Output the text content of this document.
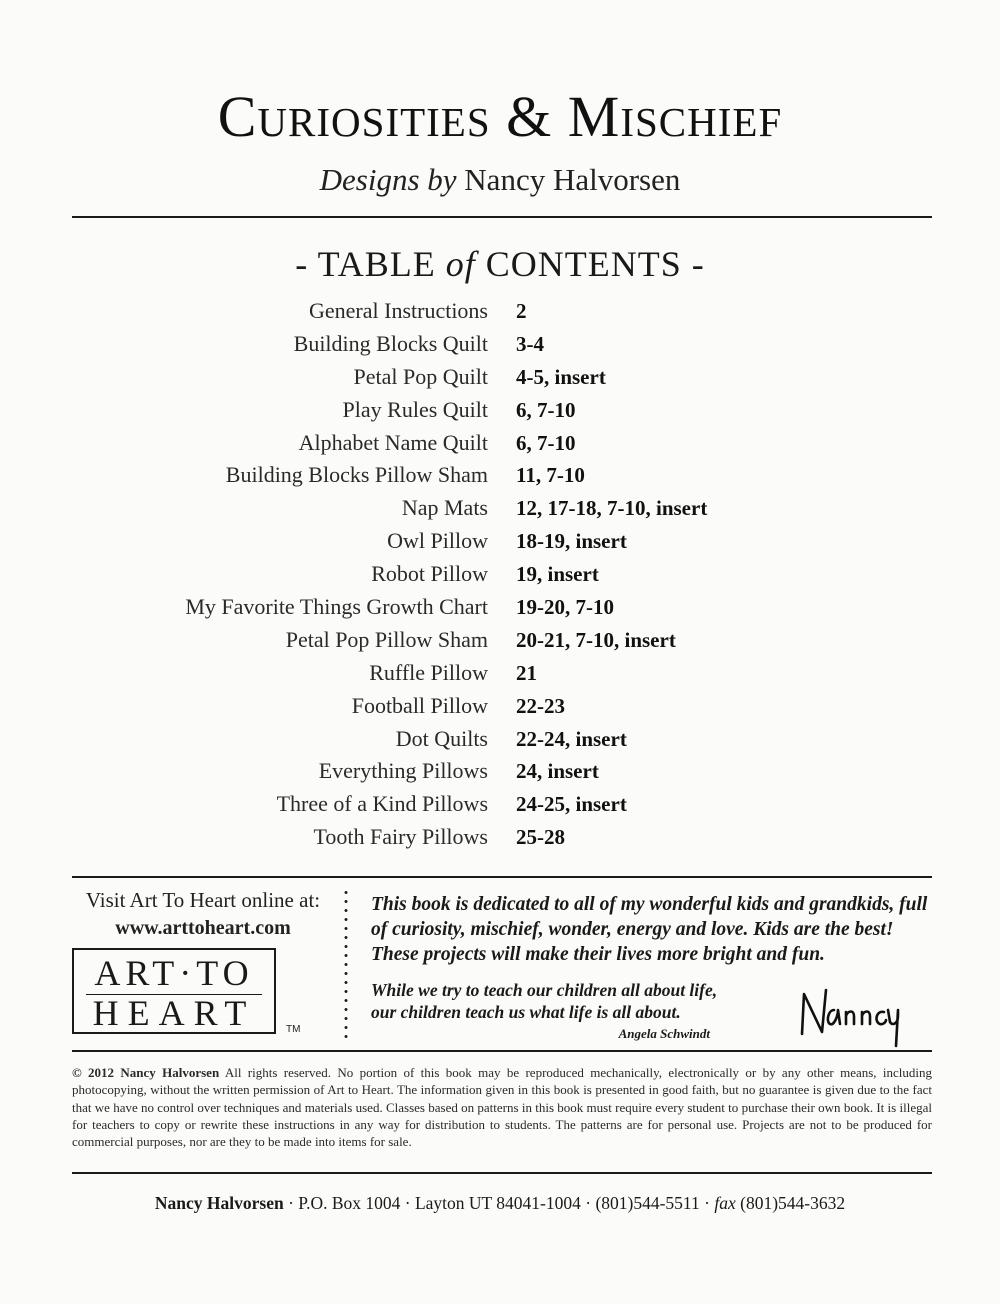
Curiosities & Mischief
Designs by Nancy Halvorsen
- TABLE of CONTENTS -
General Instructions 2
Building Blocks Quilt 3-4
Petal Pop Quilt 4-5, insert
Play Rules Quilt 6, 7-10
Alphabet Name Quilt 6, 7-10
Building Blocks Pillow Sham 11, 7-10
Nap Mats 12, 17-18, 7-10, insert
Owl Pillow 18-19, insert
Robot Pillow 19, insert
My Favorite Things Growth Chart 19-20, 7-10
Petal Pop Pillow Sham 20-21, 7-10, insert
Ruffle Pillow 21
Football Pillow 22-23
Dot Quilts 22-24, insert
Everything Pillows 24, insert
Three of a Kind Pillows 24-25, insert
Tooth Fairy Pillows 25-28
Visit Art To Heart online at:
www.arttoheart.com
ART·TO
HEART	TM
This book is dedicated to all of my wonderful kids and grandkids, full of curiosity, mischief, wonder, energy and love. Kids are the best! These projects will make their lives more bright and fun.
While we try to teach our children all about life,
our children teach us what life is all about.
Angela Schwindt
© 2012 Nancy Halvorsen All rights reserved. No portion of this book may be reproduced mechanically, electronically or by any other means, including photocopying, without the written permission of Art to Heart. The information given in this book is presented in good faith, but no guarantee is given due to the fact that we have no control over techniques and materials used. Classes based on patterns in this book must require every student to purchase their own book. It is illegal for teachers to copy or rewrite these instructions in any way for distribution to students. The patterns are for personal use. Projects are not to be produced for commercial purposes, nor are they to be made into items for sale.
Nancy Halvorsen · P.O. Box 1004 · Layton UT 84041-1004 · (801)544-5511 · fax (801)544-3632
